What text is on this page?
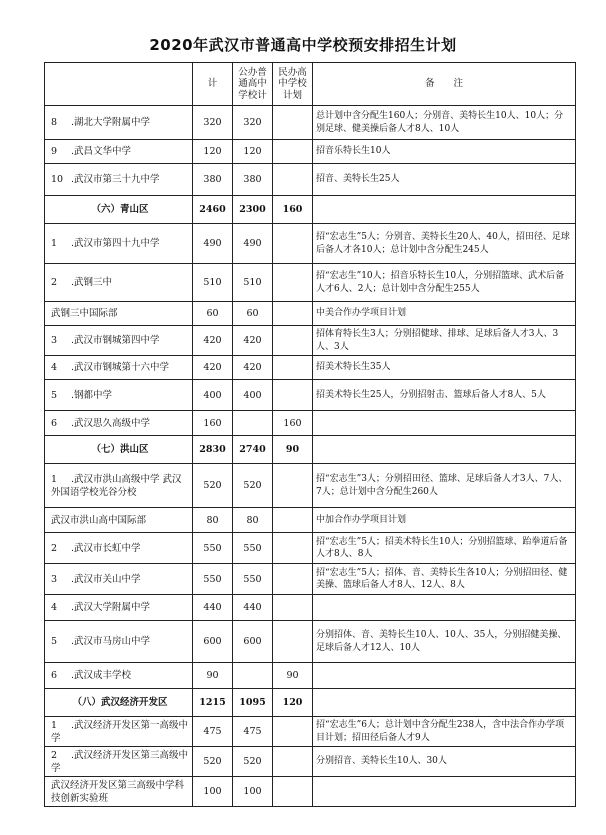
2020年武汉市普通高中学校预安排招生计划
	计	公办普通高中学校计	民办高中学校计划	备　　注
8 .湖北大学附属中学	320	320		总计划中含分配生160人；分别音、美特长生10人、10人；分别足球、健美操后备人才8人、10人
9 .武昌文华中学	120	120		招音乐特长生10人
10 .武汉市第三十九中学	380	380		招音、美特长生25人
（六）青山区	2460	2300	160	
1 .武汉市第四十九中学	490	490		招“宏志生”5人；分别音、美特长生20人、40人，招田径、足球后备人才各10人；总计划中含分配生245人
2 .武钢三中	510	510		招“宏志生”10人；招音乐特长生10人，分别招篮球、武术后备人才6人、2人；总计划中含分配生255人
武钢三中国际部	60	60		中美合作办学项目计划
3 .武汉市钢城第四中学	420	420		招体育特长生3人；分别招健球、排球、足球后备人才3人、3人、3人
4 .武汉市钢城第十六中学	420	420		招美术特长生35人
5 .钢都中学	400	400		招美术特长生25人，分别招射击、篮球后备人才8人、5人
6 .武汉思久高级中学	160		160	
（七）洪山区	2830	2740	90	
1 .武汉市洪山高级中学 武汉外国语学校光谷分校	520	520		招“宏志生”3人；分别招田径、篮球、足球后备人才3人、7人、7人；总计划中含分配生260人
武汉市洪山高中国际部	80	80		中加合作办学项目计划
2 .武汉市长虹中学	550	550		招“宏志生”5人；招美术特长生10人；分别招篮球、跆拳道后备人才8人、8人
3 .武汉市关山中学	550	550		招“宏志生”5人；招体、音、美特长生各10人；分别招田径、健美操、篮球后备人才8人、12人、8人
4 .武汉大学附属中学	440	440		
5 .武汉市马房山中学	600	600		分别招体、音、美特长生10人、10人、35人，分别招健美操、足球后备人才12人、10人
6 .武汉成丰学校	90		90	
（八）武汉经济开发区	1215	1095	120	
1 .武汉经济开发区第一高级中学	475	475		招“宏志生”6人；总计划中含分配生238人，含中法合作办学项目计划；招田径后备人才9人
2 .武汉经济开发区第三高级中学	520	520		分别招音、美特长生10人、30人
武汉经济开发区第三高级中学科技创新实验班	100	100		
